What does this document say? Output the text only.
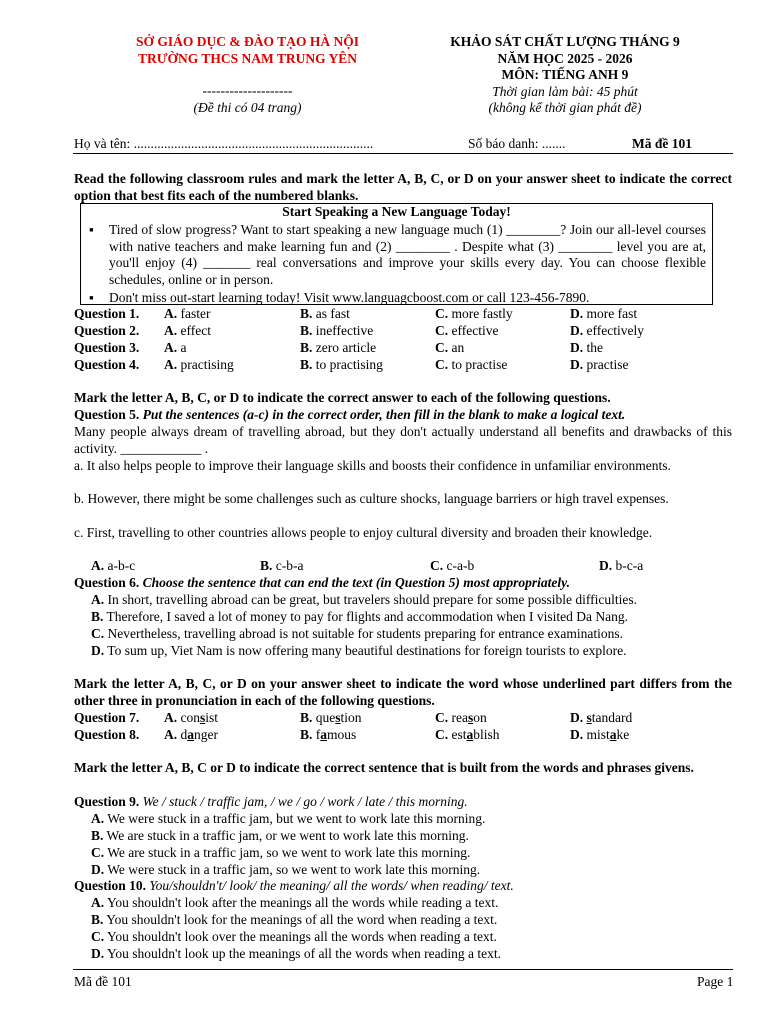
SỞ GIÁO DỤC & ĐÀO TẠO HÀ NỘI
TRƯỜNG THCS NAM TRUNG YÊN
--------------------
(Đề thi có 04 trang)
KHẢO SÁT CHẤT LƯỢNG THÁNG 9
NĂM HỌC 2025 - 2026
MÔN: TIẾNG ANH 9
Thời gian làm bài: 45 phút
(không kể thời gian phát đề)
Họ và tên: .......................................................................	Số báo danh: .......	Mã đề 101
Read the following classroom rules and mark the letter A, B, C, or D on your answer sheet to indicate the correct option that best fits each of the numbered blanks.
Start Speaking a New Language Today!
▪ Tired of slow progress? Want to start speaking a new language much (1) ________? Join our all-level courses with native teachers and make learning fun and (2) ________ . Despite what (3) ________ level you are at, you'll enjoy (4) _______ real conversations and improve your skills every day. You can choose flexible schedules, online or in person.
▪ Don't miss out-start learning today! Visit www.languagcboost.com or call 123-456-7890.
Question 1.	A. faster	B. as fast	C. more fastly	D. more fast
Question 2.	A. effect	B. ineffective	C. effective	D. effectively
Question 3.	A. a	B. zero article	C. an	D. the
Question 4.	A. practising	B. to practising	C. to practise	D. practise
Mark the letter A, B, C, or D to indicate the correct answer to each of the following questions.
Question 5. Put the sentences (a-c) in the correct order, then fill in the blank to make a logical text.
Many people always dream of travelling abroad, but they don't actually understand all benefits and drawbacks of this activity. ____________ .
a. It also helps people to improve their language skills and boosts their confidence in unfamiliar environments.
b. However, there might be some challenges such as culture shocks, language barriers or high travel expenses.
c. First, travelling to other countries allows people to enjoy cultural diversity and broaden their knowledge.
A. a-b-c	B. c-b-a	C. c-a-b	D. b-c-a
Question 6. Choose the sentence that can end the text (in Question 5) most appropriately.
A. In short, travelling abroad can be great, but travelers should prepare for some possible difficulties.
B. Therefore, I saved a lot of money to pay for flights and accommodation when I visited Da Nang.
C. Nevertheless, travelling abroad is not suitable for students preparing for entrance examinations.
D. To sum up, Viet Nam is now offering many beautiful destinations for foreign tourists to explore.
Mark the letter A, B, C, or D on your answer sheet to indicate the word whose underlined part differs from the other three in pronunciation in each of the following questions.
Question 7.	A. consist	B. question	C. reason	D. standard
Question 8.	A. danger	B. famous	C. establish	D. mistake
Mark the letter A, B, C or D to indicate the correct sentence that is built from the words and phrases givens.
Question 9. We / stuck / traffic jam, / we / go / work / late / this morning.
A. We were stuck in a traffic jam, but we went to work late this morning.
B. We are stuck in a traffic jam, or we went to work late this morning.
C. We are stuck in a traffic jam, so we went to work late this morning.
D. We were stuck in a traffic jam, so we went to work late this morning.
Question 10. You/shouldn't/ look/ the meaning/ all the words/ when reading/ text.
A. You shouldn't look after the meanings all the words while reading a text.
B. You shouldn't look for the meanings of all the word when reading a text.
C. You shouldn't look over the meanings all the words when reading a text.
D. You shouldn't look up the meanings of all the words when reading a text.
Mã đề 101	Page 1
